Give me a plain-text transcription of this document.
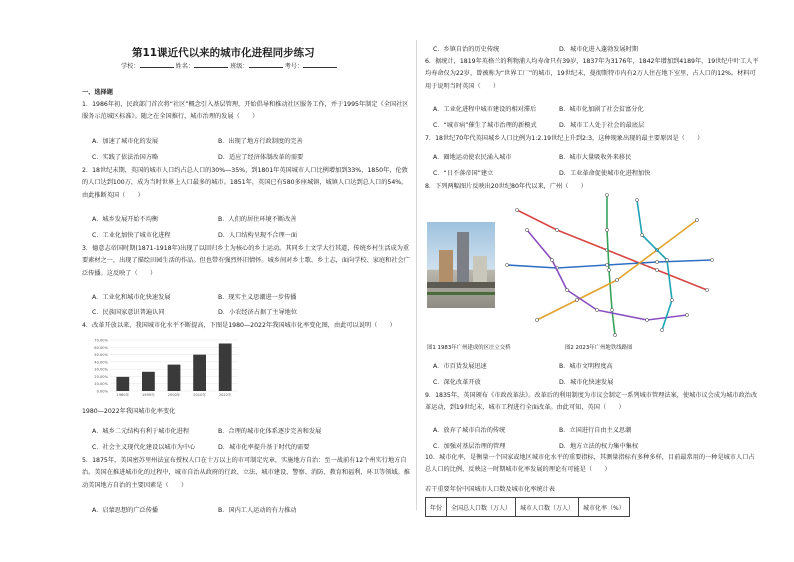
第11课近代以来的城市化进程同步练习
学校：	姓名：	班级：	考号：
一、选择题
1．1986年初，民政部门首次将“社区”概念引入基层管理，开始倡导和推动社区服务工作，并于1995年制定《全国社区服务示范城区标准》。随之在全国推行，城市治理的发展（　　）
A．加速了城市化的发展	B．出现了地方行政制度的完善
C．实践了依法治国方略	D．适应了经济体制改革的需要
2．18世纪末期，英国的城市人口约占总人口的30%—35%，到1801年英国城市人口比例增加到33%，1850年，伦敦的人口达到100万，成为当时世界上人口最多的城市。1851年，英国已有580多座城镇，城镇人口达到总人口的54%。由此推断英国（　　）
A．城乡发展开始不均衡	B．人们的居住环境不断改善
C．工业化加快了城市化进程	D．人口结构呈现不合理一面
3．德意志帝国时期(1871-1918年)出现了以回归乡土为核心的乡土运动。其同乡土文学大行其道，传统乡村生活成为重要素材之一，出现了描绘田园生活的作品。但也带有强烈怀旧情怀。城乡间对乡土歌、乡土志，面向学校、家庭和社会广泛传播。这反映了（　　）
A．工业化和城市化快速发展	B．现实主义思潮进一步传播
C．民族国家意识普遍认同	D．小农经济占据了主导地位
4．改革开放以来，我国城市化水平不断提高，下图是1980—2022年我国城市化率变化图，由此可以说明（　　）
0.00%
10.00%
20.00%
30.00%
40.00%
50.00%
60.00%
70.00%
1980年	1990年	2000年	2010年	2022年
1980—2022年我国城市化率变化
A．城乡二元结构有利于城市化进程	B．合理的城市化体系逐步完善和发展
C．社会主义现代化建设以城市为中心	D．城市化率提升基于时代的需要
5．1875年，美国密苏里州法宣布授权人口在十万以上的市可制定宪章，实施地方自治：至一战前有12个州实行地方自治。美国在推进城市化的过程中，城市自治从政府的行政、立法、城市建设、警察、消防、教育和福利、环卫等领域。推动美国地方自治的主要因素是（　　）
A．启蒙思想的广泛传播	B．国内工人运动的有力推动
C．乡镇自治的历史传统	D．城市化进入蓬勃发展时期
6．据统计，1819年英格兰的利物浦人均寿命只有39岁，1837年为3176年，1842年增加到4189年，19世纪中叶工人平均寿命仅为22岁，曾被称为“世界工厂”的城市，19世纪末，曼彻斯特市内有2万人住在地下室里，占人口的12%。材料可用于说明当时英国（　　）
A．工业化进程中城市建设的相对滞后	B．城市化加剧了社会贫富分化
C．“城市病”催生了城市治理的新模式	D．城市工人处于社会的最底层
7．18世纪70年代英国城乡人口比例为1:2.19世纪上升到2:3，这种现象出现的最主要原因是（　　）
A．圈地运动使农民涌入城市	B．城市大量吸收外来移民
C．“日不落帝国”建立	D．工业革命促使城市化进程加快
8．下列两幅图片反映出20世纪80年代以来，广州（　　）
图1 1983年广州建成的区庄立交桥	图2 2023年广州地铁线路图
A．市百货发展迅速	B．城市文明程度高
C．深化改革开放	D．城市化快速发展
9．1835年，英国颁布《市政改革法》。改革后的利用制度为市议会制定一系列城市管理法案，使城市议会成为城市政治改革运动，到19世纪末，城市工程进行全面改革。由此可知，英国（　　）
A．放弃了城市自治的传统	B．立国进行自由主义思潮
C．加强对基层治理的管理	D．地方立法的权力集中集权
10．城市化率，是衡量一个国家或地区城市化水平的重要指标，其测量指标有多种多样，目前最常用的一种是城市人口占总人口的比例，反映这一时期城市化率发展的理论有可能是（　　）
若干重要年份中国城市人口数及城市化率统计表
年份	全国总人口数（万人）	城市人口数（万人）	城市化率（%）
